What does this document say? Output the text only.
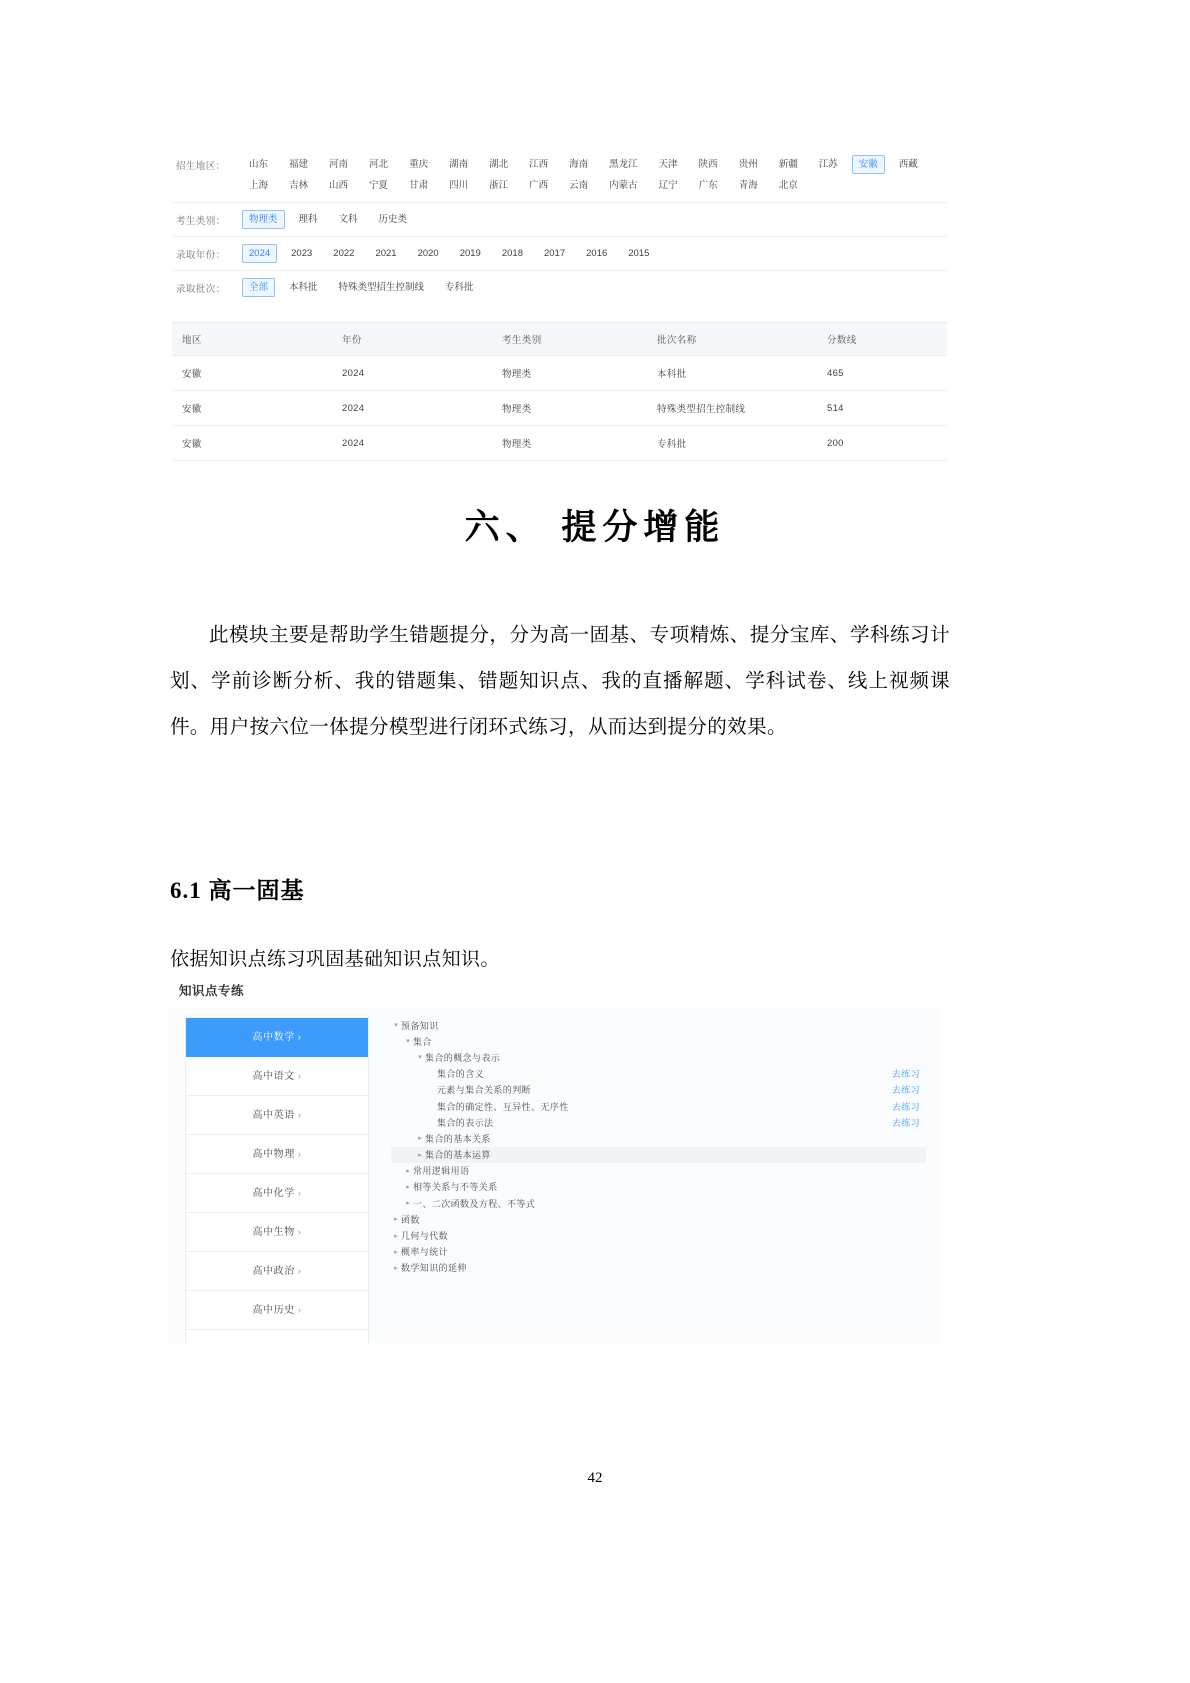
招生地区：	山东	福建	河南	河北	重庆	湖南	湖北	江西	海南	黑龙江	天津	陕西	贵州	新疆	江苏	安徽	西藏
上海	吉林	山西	宁夏	甘肃	四川	浙江	广西	云南	内蒙古	辽宁	广东	青海	北京
考生类别：	物理类	理科	文科	历史类
录取年份：	2024	2023	2022	2021	2020	2019	2018	2017	2016	2015
录取批次：	全部	本科批	特殊类型招生控制线	专科批
地区	年份	考生类别	批次名称	分数线
安徽	2024	物理类	本科批	465
安徽	2024	物理类	特殊类型招生控制线	514
安徽	2024	物理类	专科批	200
六、 提分增能
此模块主要是帮助学生错题提分，分为高一固基、专项精炼、提分宝库、学科练习计划、学前诊断分析、我的错题集、错题知识点、我的直播解题、学科试卷、线上视频课件。用户按六位一体提分模型进行闭环式练习，从而达到提分的效果。
6.1 高一固基
依据知识点练习巩固基础知识点知识。
知识点专练
高中数学 ›
高中语文 ›
高中英语 ›
高中物理 ›
高中化学 ›
高中生物 ›
高中政治 ›
高中历史 ›
▾ 预备知识
▾ 集合
▾ 集合的概念与表示
集合的含义	去练习
元素与集合关系的判断	去练习
集合的确定性、互异性、无序性	去练习
集合的表示法	去练习
▸ 集合的基本关系
▸ 集合的基本运算
▸ 常用逻辑用语
▸ 相等关系与不等关系
▸ 一、二次函数及方程、不等式
▸ 函数
▸ 几何与代数
▸ 概率与统计
▸ 数学知识的延伸
42
